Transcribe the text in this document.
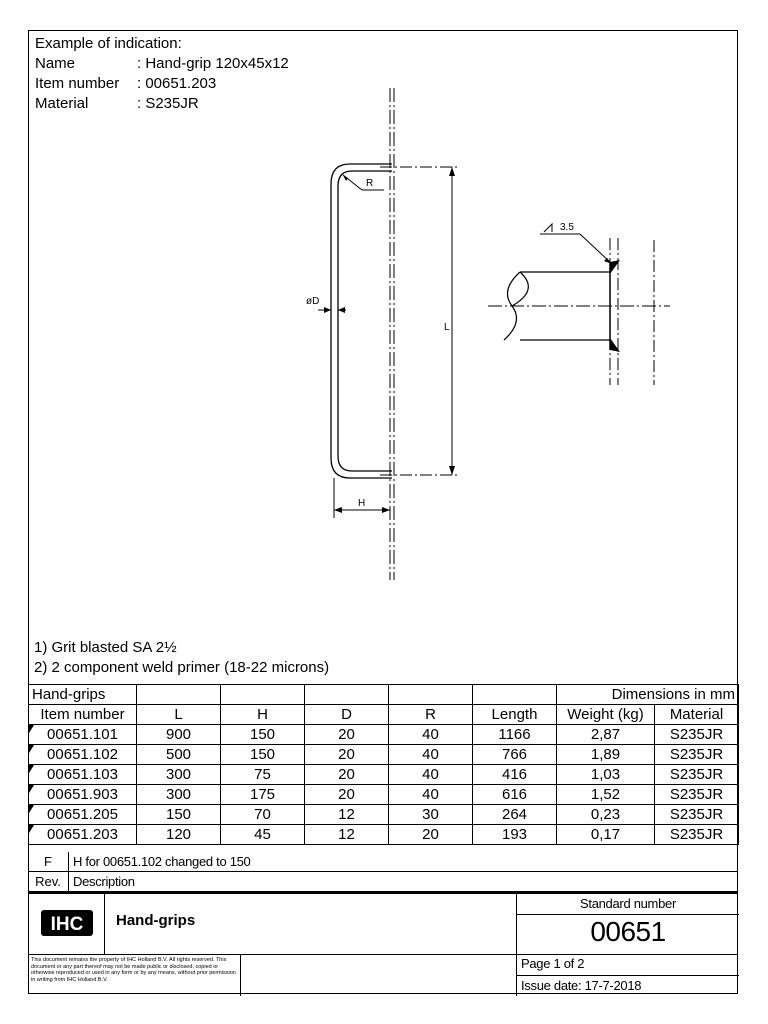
Example of indication:
Name	: Hand-grip 120x45x12
Item number	: 00651.203
Material	: S235JR
R
øD
L
H
3.5
1) Grit blasted SA 2½
2) 2 component weld primer (18-22 microns)
Hand-grips						Dimensions in mm	
Item number	L	H	D	R	Length	Weight (kg)	Material

00651.101	900	150	20	40	1166	2,87	S235JR

00651.102	500	150	20	40	766	1,89	S235JR

00651.103	300	75	20	40	416	1,03	S235JR

00651.903	300	175	20	40	616	1,52	S235JR

00651.205	150	70	12	30	264	0,23	S235JR

00651.203	120	45	12	20	193	0,17	S235JR
F	H for 00651.102 changed to 150
Rev. Description
IHC Hand-grips
Standard number
00651
This document remains the property of IHC Holland B.V. All rights reserved. This document or any part thereof may not be made public or disclosed, copied or otherwise reproduced or used in any form or by any means, without prior permission in writing from IHC Holland B.V.
Page 1 of 2
Issue date: 17-7-2018
